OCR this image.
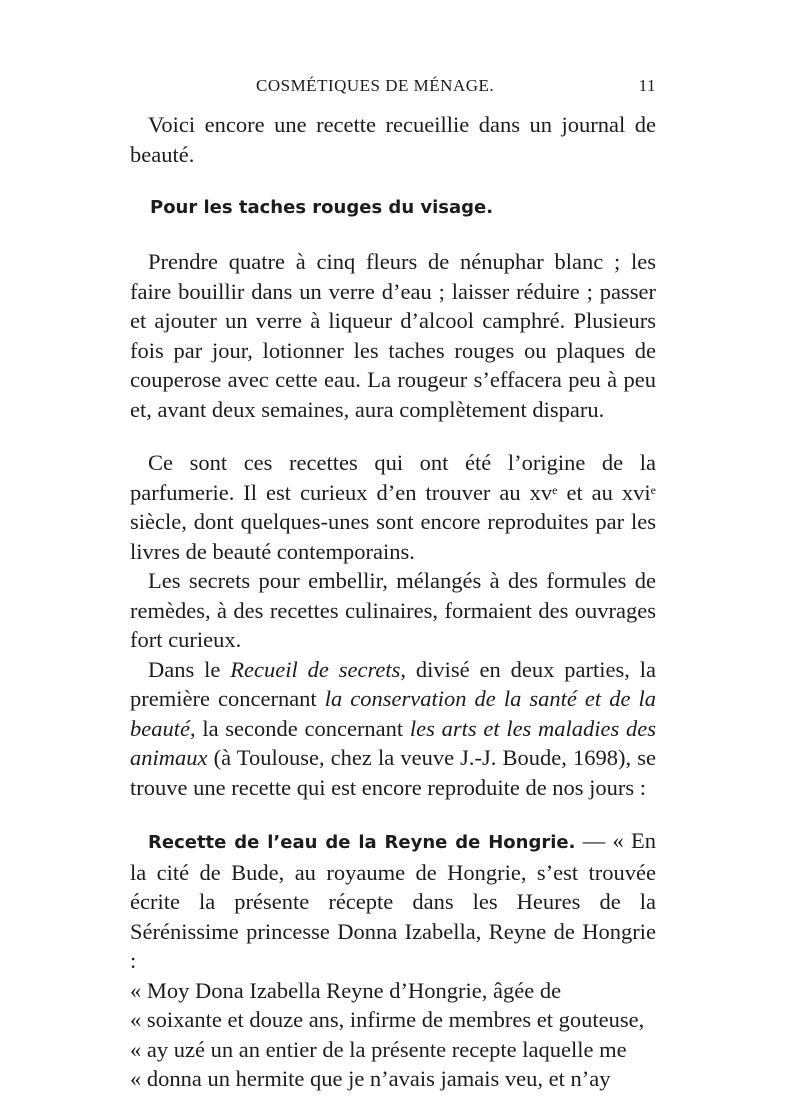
COSMÉTIQUES DE MÉNAGE.	11

Voici encore une recette recueillie dans un journal de beauté.

Pour les taches rouges du visage.

Prendre quatre à cinq fleurs de nénuphar blanc ; les faire bouillir dans un verre d’eau ; laisser réduire ; passer et ajouter un verre à liqueur d’alcool camphré. Plusieurs fois par jour, lotionner les taches rouges ou plaques de couperose avec cette eau. La rougeur s’effacera peu à peu et, avant deux semaines, aura complètement disparu.

Ce sont ces recettes qui ont été l’origine de la parfumerie. Il est curieux d’en trouver au $xv^e$ et au xvi$^e$ siècle, dont quelques-unes sont encore reproduites par les livres de beauté contemporains.

Les secrets pour embellir, mélangés à des formules de remèdes, à des recettes culinaires, formaient des ouvrages fort curieux.

Dans le Recueil de secrets, divisé en deux parties, la première concernant la conservation de la santé et de la beauté, la seconde concernant les arts et les maladies des animaux (à Toulouse, chez la veuve J.-J. Boude, 1698), se trouve une recette qui est encore reproduite de nos jours :

Recette de l’eau de la Reyne de Hongrie. — « En la cité de Bude, au royaume de Hongrie, s’est trouvée écrite la présente récepte dans les Heures de la Sérénissime princesse Donna Izabella, Reyne de Hongrie :

« Moy Dona Izabella Reyne d’Hongrie, âgée de

« soixante et douze ans, infirme de membres et gouteuse,

« ay uzé un an entier de la présente recepte laquelle me

« donna un hermite que je n’avais jamais veu, et n’ay
